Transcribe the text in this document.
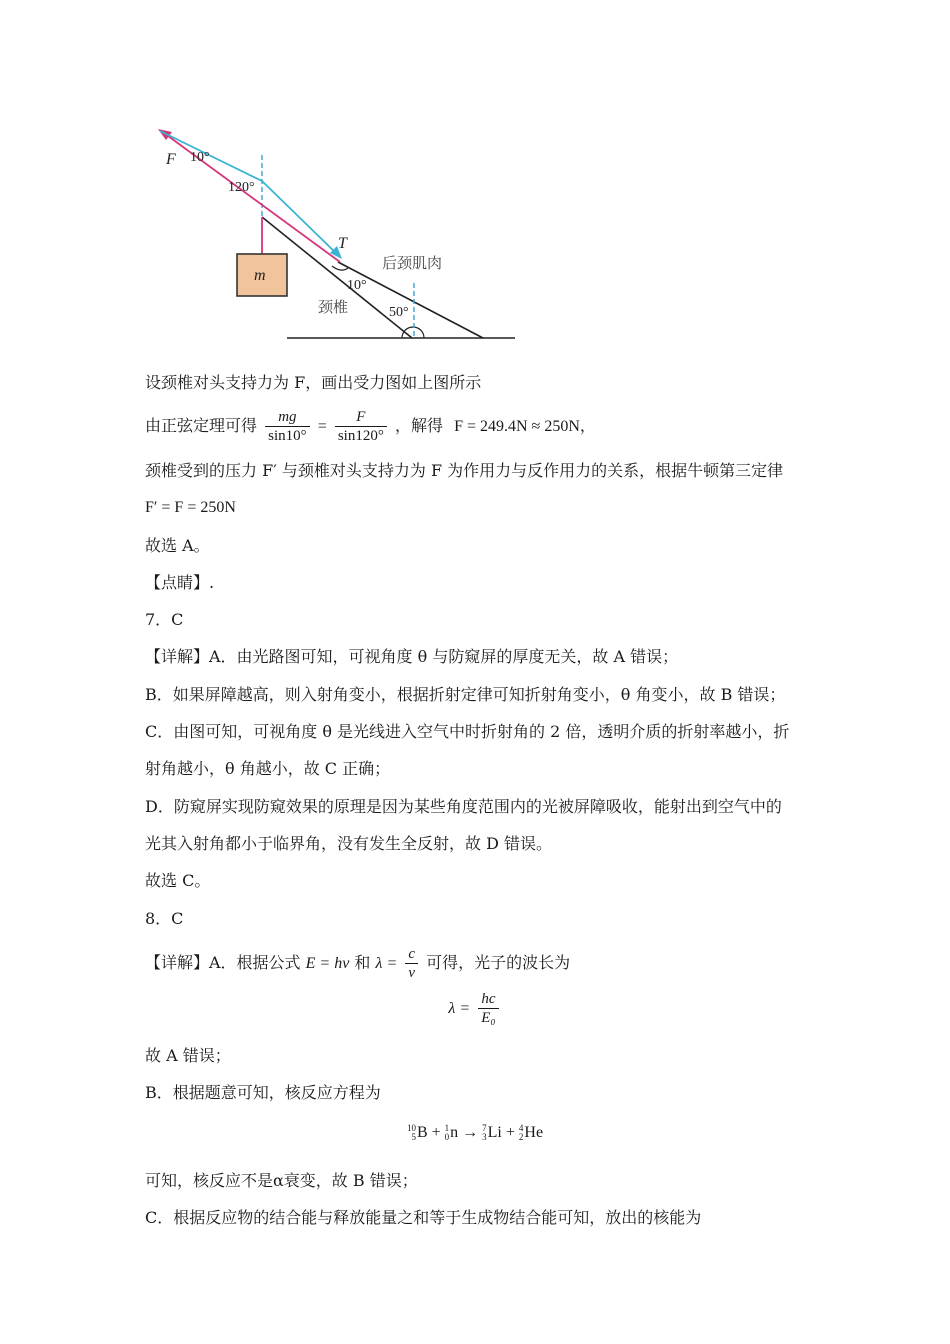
F 10°
120°
T
m
后颈肌肉
10°
颈椎	50°
设颈椎对头支持力为 F，画出受力图如上图所示
由正弦定理可得 $\frac{mg}{\sin 10^\circ} = \frac{F}{\sin 120^\circ}$ ，解得 F = 249.4N ≈ 250N，
颈椎受到的压力 F′ 与颈椎对头支持力为 F 为作用力与反作用力的关系，根据牛顿第三定律
F′ = F = 250N
故选 A。
【点睛】.
7．C
【详解】A．由光路图可知，可视角度 θ 与防窥屏的厚度无关，故 A 错误；
B．如果屏障越高，则入射角变小，根据折射定律可知折射角变小，θ 角变小，故 B 错误；
C．由图可知，可视角度 θ 是光线进入空气中时折射角的 2 倍，透明介质的折射率越小，折
射角越小，θ 角越小，故 C 正确；
D．防窥屏实现防窥效果的原理是因为某些角度范围内的光被屏障吸收，能射出到空气中的
光其入射角都小于临界角，没有发生全反射，故 D 错误。
故选 C。
8．C
【详解】A．根据公式 E = hν 和 $\lambda = \frac{c}{\nu}$ 可得，光子的波长为
$\lambda = \frac{hc}{\text{E₀}}$
故 A 错误；
B．根据题意可知，核反应方程为
10
5 B + 1
0 n → 7
3 Li + 4
2 He
可知，核反应不是α衰变，故 B 错误；
C．根据反应物的结合能与释放能量之和等于生成物结合能可知，放出的核能为
